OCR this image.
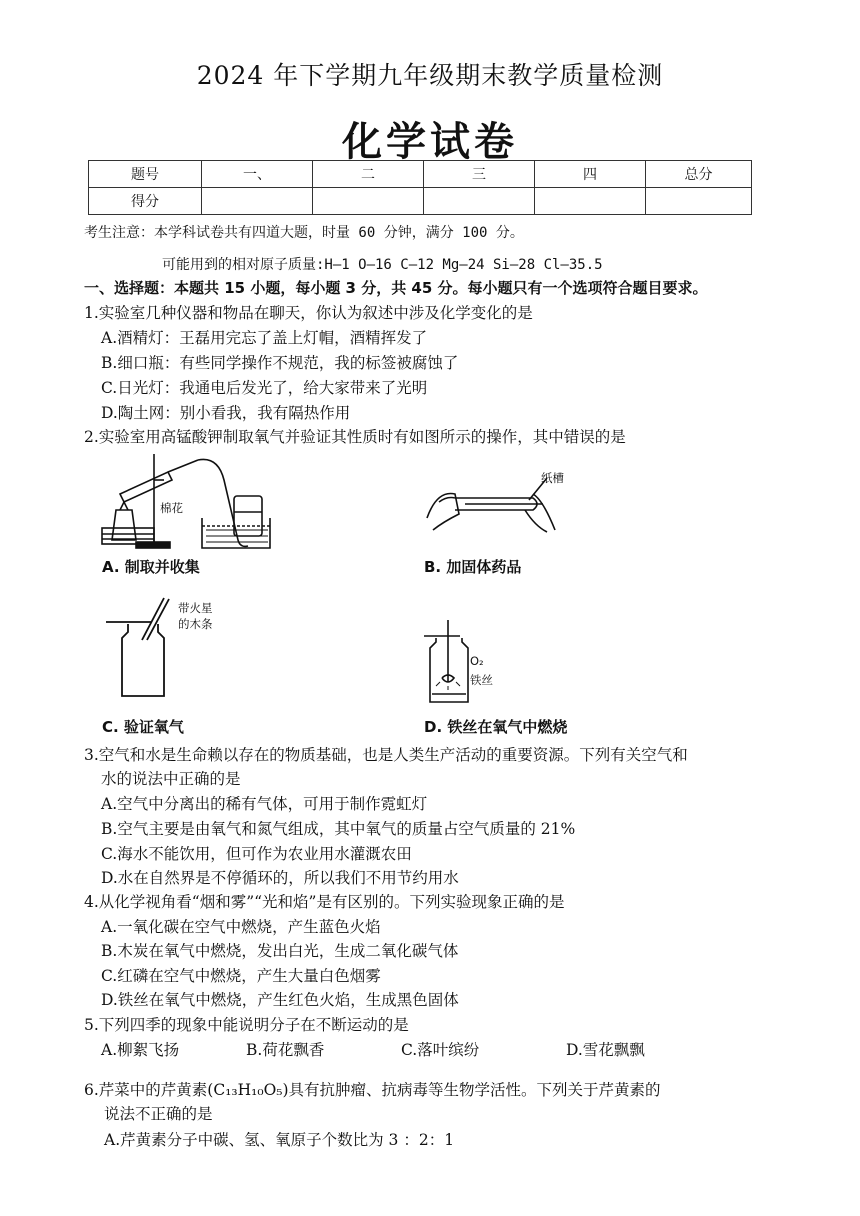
2024 年下学期九年级期末教学质量检测
化学试卷
题号	一、	二	三	四	总分
得分					
考生注意：本学科试卷共有四道大题，时量 60 分钟，满分 100 分。
可能用到的相对原子质量:H—1 O—16 C—12 Mg—24 Si—28 Cl—35.5
一、选择题：本题共 15 小题，每小题 3 分，共 45 分。每小题只有一个选项符合题目要求。
1.实验室几种仪器和物品在聊天，你认为叙述中涉及化学变化的是
A.酒精灯：王磊用完忘了盖上灯帽，酒精挥发了
B.细口瓶：有些同学操作不规范，我的标签被腐蚀了
C.日光灯：我通电后发光了，给大家带来了光明
D.陶土网：别小看我，我有隔热作用
2.实验室用高锰酸钾制取氧气并验证其性质时有如图所示的操作，其中错误的是
棉花
A. 制取并收集
纸槽
B. 加固体药品
带火星
的木条
C. 验证氧气
O₂
铁丝
D. 铁丝在氧气中燃烧
3.空气和水是生命赖以存在的物质基础，也是人类生产活动的重要资源。下列有关空气和
水的说法中正确的是
A.空气中分离出的稀有气体，可用于制作霓虹灯
B.空气主要是由氧气和氮气组成，其中氧气的质量占空气质量的 21%
C.海水不能饮用，但可作为农业用水灌溉农田
D.水在自然界是不停循环的，所以我们不用节约用水
4.从化学视角看“烟和雾”“光和焰”是有区别的。下列实验现象正确的是
A.一氧化碳在空气中燃烧，产生蓝色火焰
B.木炭在氧气中燃烧，发出白光，生成二氧化碳气体
C.红磷在空气中燃烧，产生大量白色烟雾
D.铁丝在氧气中燃烧，产生红色火焰，生成黑色固体
5.下列四季的现象中能说明分子在不断运动的是
A.柳絮飞扬	B.荷花飘香	C.落叶缤纷	D.雪花飘飘
6.芹菜中的芹黄素(C₁₃H₁₀O₅)具有抗肿瘤、抗病毒等生物学活性。下列关于芹黄素的
说法不正确的是
A.芹黄素分子中碳、氢、氧原子个数比为 3 ：2：1
